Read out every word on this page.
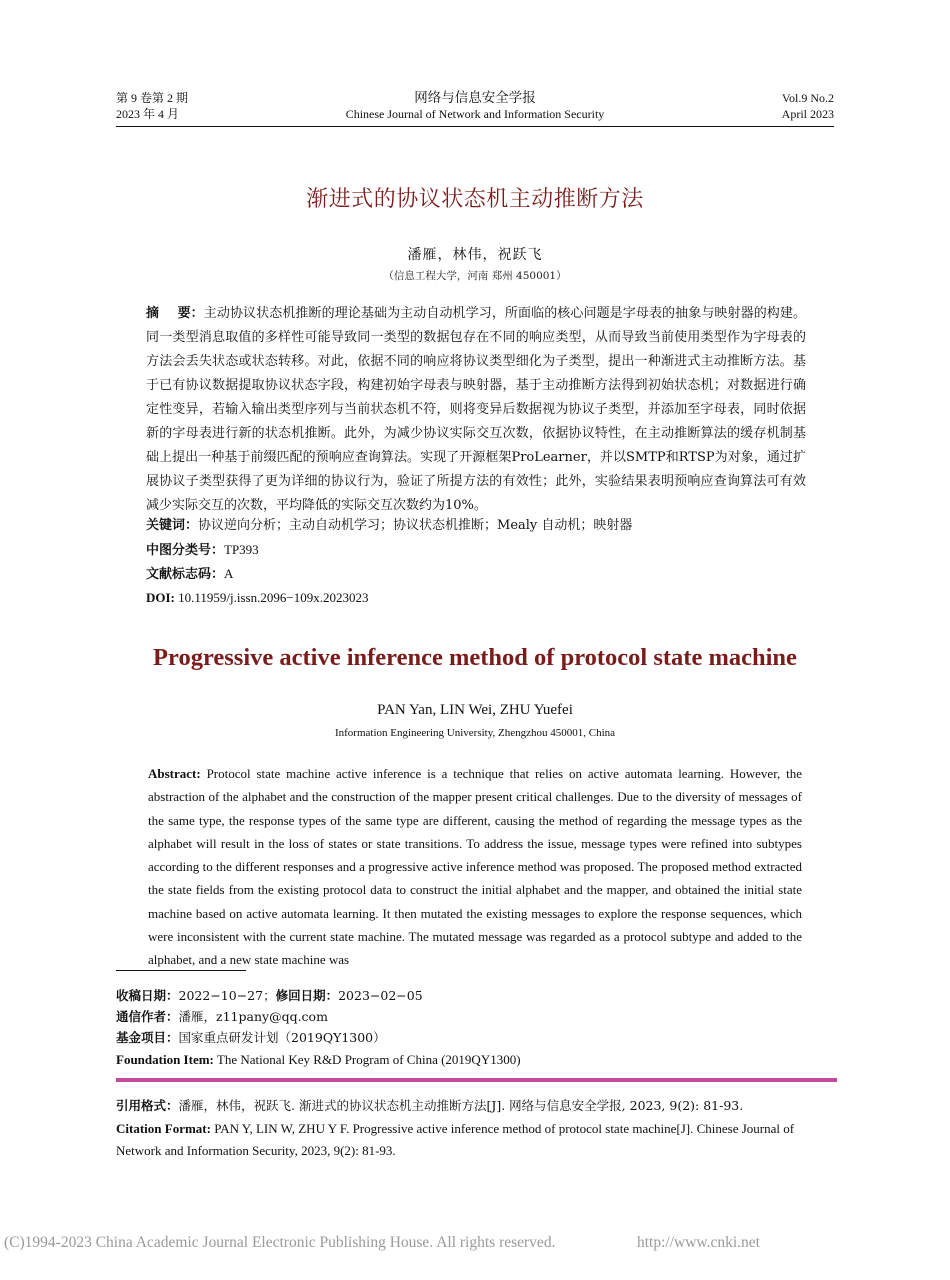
第 9 卷第 2 期
2023 年 4 月
网络与信息安全学报
Chinese Journal of Network and Information Security
Vol.9 No.2
April 2023
渐进式的协议状态机主动推断方法
潘雁，林伟，祝跃飞
（信息工程大学，河南 郑州 450001）
摘    要：主动协议状态机推断的理论基础为主动自动机学习，所面临的核心问题是字母表的抽象与映射器的构建。同一类型消息取值的多样性可能导致同一类型的数据包存在不同的响应类型，从而导致当前使用类型作为字母表的方法会丢失状态或状态转移。对此，依据不同的响应将协议类型细化为子类型，提出一种渐进式主动推断方法。基于已有协议数据提取协议状态字段，构建初始字母表与映射器，基于主动推断方法得到初始状态机；对数据进行确定性变异，若输入输出类型序列与当前状态机不符，则将变异后数据视为协议子类型，并添加至字母表，同时依据新的字母表进行新的状态机推断。此外，为减少协议实际交互次数，依据协议特性，在主动推断算法的缓存机制基础上提出一种基于前缀匹配的预响应查询算法。实现了开源框架ProLearner，并以SMTP和RTSP为对象，通过扩展协议子类型获得了更为详细的协议行为，验证了所提方法的有效性；此外，实验结果表明预响应查询算法可有效减少实际交互的次数，平均降低的实际交互次数约为10%。
关键词：协议逆向分析；主动自动机学习；协议状态机推断；Mealy 自动机；映射器
中图分类号：TP393
文献标志码：A
DOI: 10.11959/j.issn.2096−109x.2023023
Progressive active inference method of protocol state machine
PAN Yan, LIN Wei, ZHU Yuefei
Information Engineering University, Zhengzhou 450001, China
Abstract: Protocol state machine active inference is a technique that relies on active automata learning. However, the abstraction of the alphabet and the construction of the mapper present critical challenges. Due to the diversity of messages of the same type, the response types of the same type are different, causing the method of regarding the message types as the alphabet will result in the loss of states or state transitions. To address the issue, message types were refined into subtypes according to the different responses and a progressive active inference method was proposed. The proposed method extracted the state fields from the existing protocol data to construct the initial alphabet and the mapper, and obtained the initial state machine based on active automata learning. It then mutated the existing messages to explore the response sequences, which were inconsistent with the current state machine. The mutated message was regarded as a protocol subtype and added to the alphabet, and a new state machine was
收稿日期：2022−10−27；修回日期：2023−02−05
通信作者：潘雁，z11pany@qq.com
基金项目：国家重点研发计划（2019QY1300）
Foundation Item: The National Key R&D Program of China (2019QY1300)
引用格式：潘雁，林伟，祝跃飞. 渐进式的协议状态机主动推断方法[J]. 网络与信息安全学报, 2023, 9(2): 81-93.
Citation Format: PAN Y, LIN W, ZHU Y F. Progressive active inference method of protocol state machine[J]. Chinese Journal of Network and Information Security, 2023, 9(2): 81-93.
(C)1994-2023 China Academic Journal Electronic Publishing House. All rights reserved.	http://www.cnki.net
